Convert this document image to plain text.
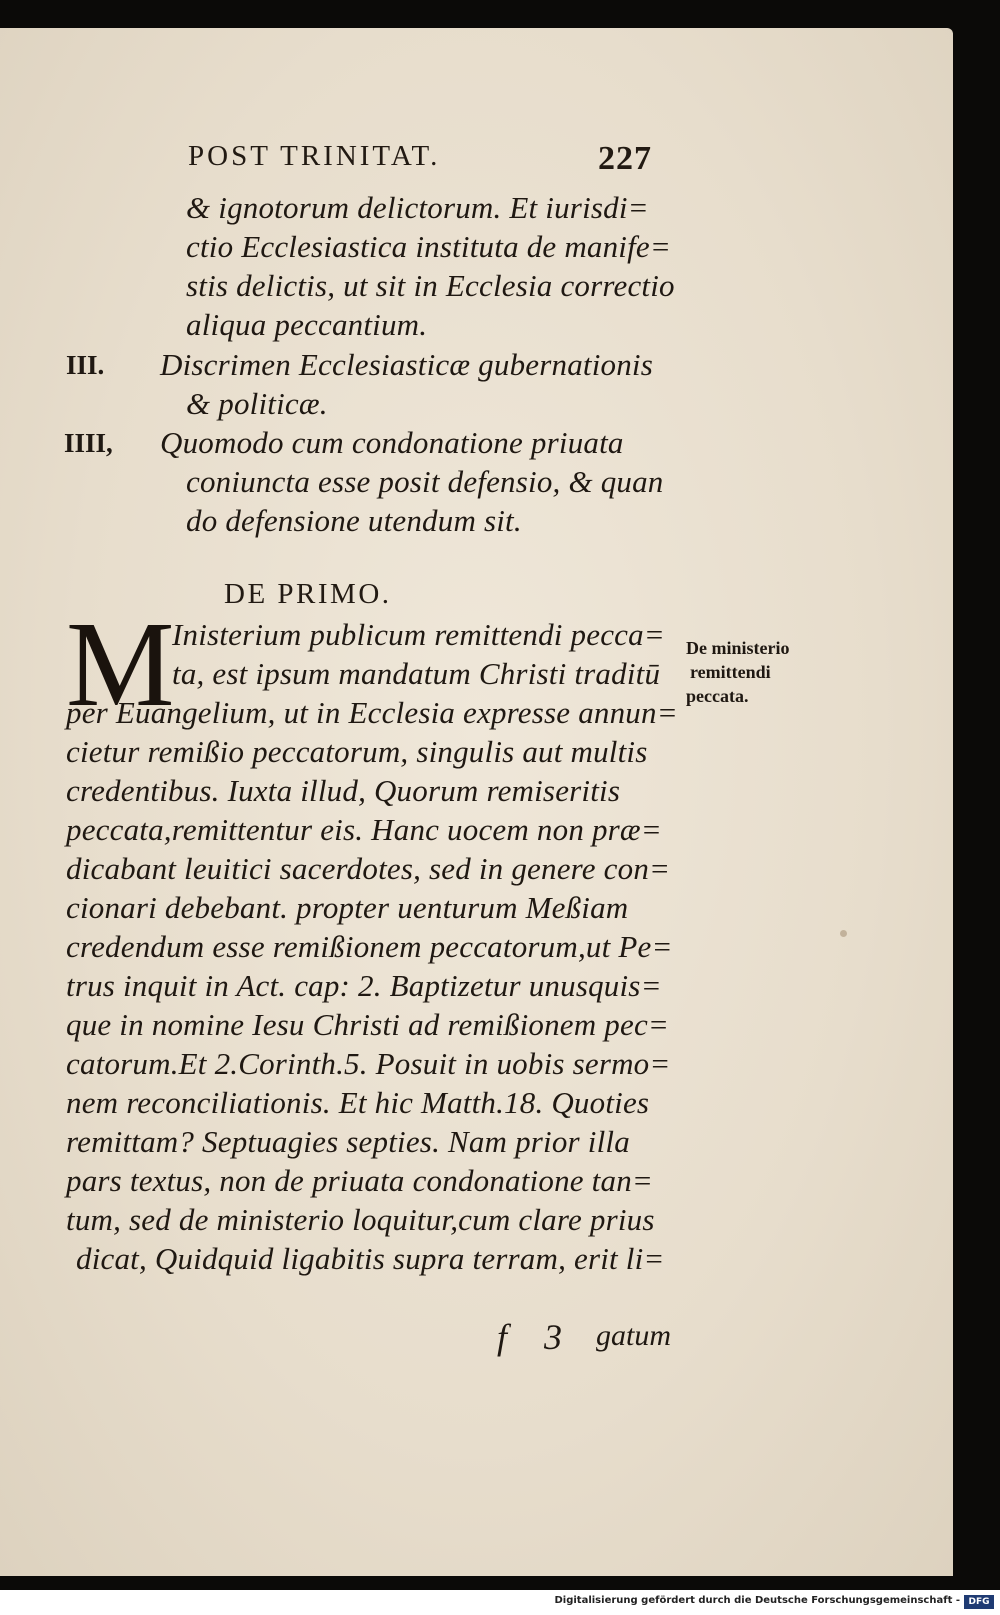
POST TRINITAT.	227
& ignotorum delictorum. Et iurisdi=
ctio Ecclesiastica instituta de manife=
stis delictis, ut sit in Ecclesia correctio
aliqua peccantium.
III. Discrimen Ecclesiasticæ gubernationis
& politicæ.
IIII, Quomodo cum condonatione priuata
coniuncta esse posit defensio, & quan
do defensione utendum sit.
DE PRIMO.
M
Inisterium publicum remittendi pecca=
ta, est ipsum mandatum Christi traditū
De ministerio
remittendi
peccata.
per Euangelium, ut in Ecclesia expresse annun=
cietur remißio peccatorum, singulis aut multis
credentibus. Iuxta illud, Quorum remiseritis
peccata,remittentur eis. Hanc uocem non præ=
dicabant leuitici sacerdotes, sed in genere con=
cionari debebant. propter uenturum Meßiam
credendum esse remißionem peccatorum,ut Pe=
trus inquit in Act. cap: 2. Baptizetur unusquis=
que in nomine Iesu Christi ad remißionem pec=
catorum.Et 2.Corinth.5. Posuit in uobis sermo=
nem reconciliationis. Et hic Matth.18. Quoties
remittam? Septuagies septies. Nam prior illa
pars textus, non de priuata condonatione tan=
tum, sed de ministerio loquitur,cum clare prius
dicat, Quidquid ligabitis supra terram, erit li=
f 3 gatum
Digitalisierung gefördert durch die Deutsche Forschungsgemeinschaft - DFG
